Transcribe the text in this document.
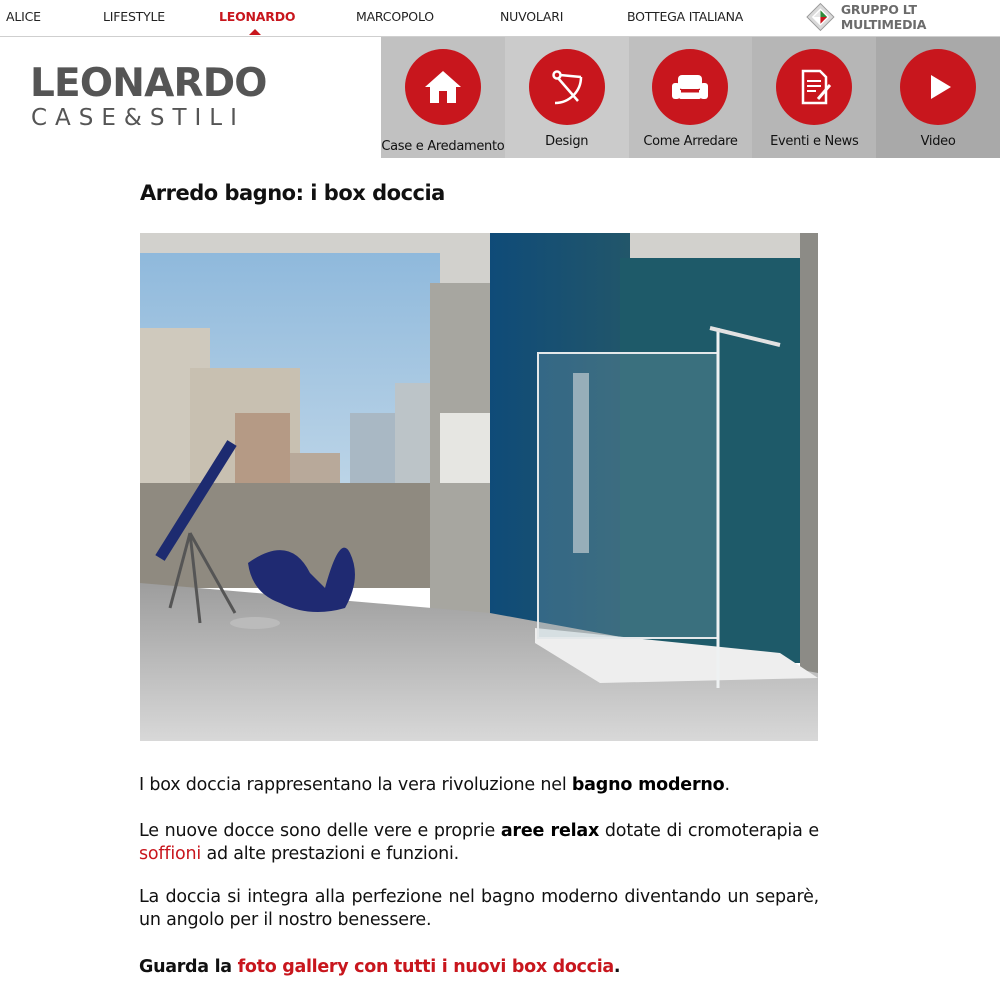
ALICE	LIFESTYLE	LEONARDO	MARCOPOLO	NUVOLARI	BOTTEGA ITALIANA	GRUPPO LT MULTIMEDIA
LEONARDO
CASE&STILI
Case e Aredamento	Design	Come Arredare	Eventi e News	Video
Arredo bagno: i box doccia

I box doccia rappresentano la vera rivoluzione nel bagno moderno.

Le nuove docce sono delle vere e proprie aree relax dotate di cromoterapia e soffioni ad alte prestazioni e funzioni.

La doccia si integra alla perfezione nel bagno moderno diventando un separè, un angolo per il nostro benessere.

Guarda la foto gallery con tutti i nuovi box doccia.
